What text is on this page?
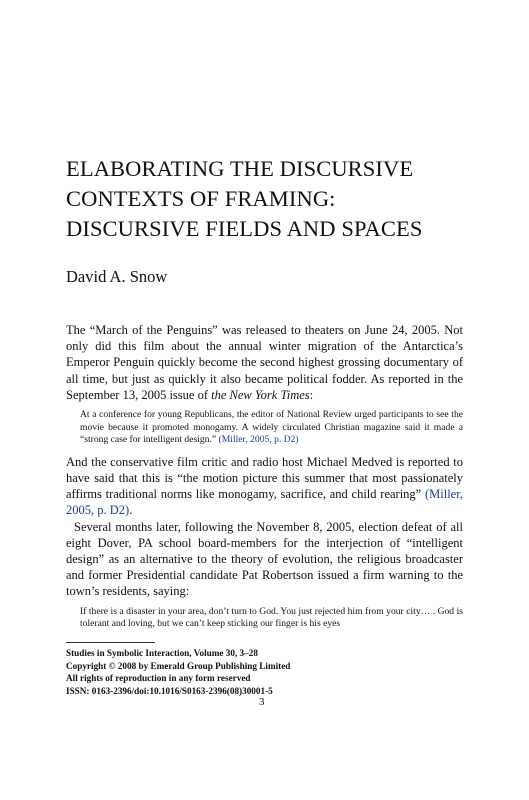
ELABORATING THE DISCURSIVE
CONTEXTS OF FRAMING:
DISCURSIVE FIELDS AND SPACES
David A. Snow

The “March of the Penguins” was released to theaters on June 24, 2005. Not only did this film about the annual winter migration of the Antarctica’s Emperor Penguin quickly become the second highest grossing documentary of all time, but just as quickly it also became political fodder. As reported in the September 13, 2005 issue of the New York Times:

At a conference for young Republicans, the editor of National Review urged participants to see the movie because it promoted monogamy. A widely circulated Christian magazine said it made a “strong case for intelligent design.” (Miller, 2005, p. D2)

And the conservative film critic and radio host Michael Medved is reported to have said that this is “the motion picture this summer that most passionately affirms traditional norms like monogamy, sacrifice, and child rearing” (Miller, 2005, p. D2).

Several months later, following the November 8, 2005, election defeat of all eight Dover, PA school board-members for the interjection of “intelligent design” as an alternative to the theory of evolution, the religious broadcaster and former Presidential candidate Pat Robertson issued a firm warning to the town’s residents, saying:

If there is a disaster in your area, don’t turn to God. You just rejected him from your city… . God is tolerant and loving, but we can’t keep sticking our finger is his eyes
Studies in Symbolic Interaction, Volume 30, 3–28
Copyright © 2008 by Emerald Group Publishing Limited
All rights of reproduction in any form reserved
ISSN: 0163-2396/doi:10.1016/S0163-2396(08)30001-5
3
